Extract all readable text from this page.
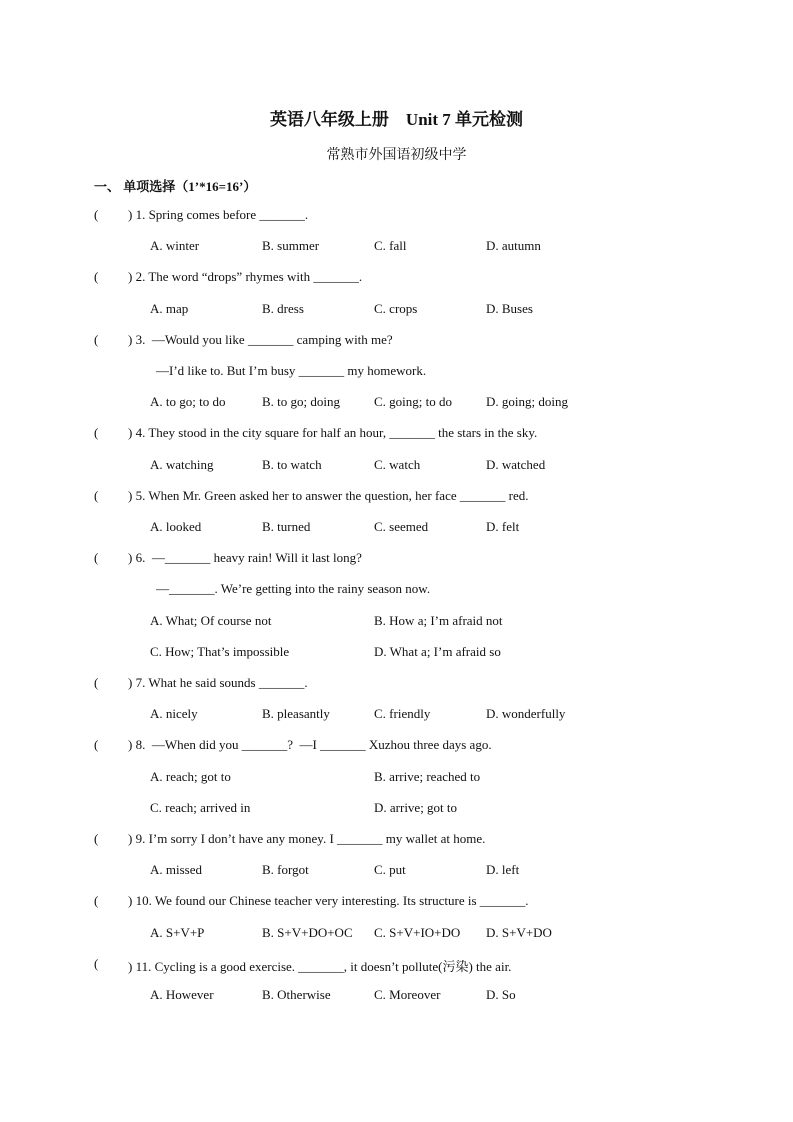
英语八年级上册    Unit 7 单元检测
常熟市外国语初级中学
一、 单项选择（1’*16=16’）

(

) 1. Spring comes before _______.

A. winter	B. summer	C. fall	D. autumn

(

) 2. The word “drops” rhymes with _______.

A. map	B. dress	C. crops	D. Buses

(

) 3.  —Would you like _______ camping with me?

—I’d like to. But I’m busy _______ my homework.
A. to go; to do	B. to go; doing	C. going; to do	D. going; doing

(

) 4. They stood in the city square for half an hour, _______ the stars in the sky.

A. watching	B. to watch	C. watch	D. watched

(

) 5. When Mr. Green asked her to answer the question, her face _______ red.

A. looked	B. turned	C. seemed	D. felt

(

) 6.  —_______ heavy rain! Will it last long?

—_______. We’re getting into the rainy season now.
A. What; Of course not	B. How a; I’m afraid not
C. How; That’s impossible	D. What a; I’m afraid so

(

) 7. What he said sounds _______.

A. nicely	B. pleasantly	C. friendly	D. wonderfully

(

) 8.  —When did you _______?  —I _______ Xuzhou three days ago.

A. reach; got to	B. arrive; reached to
C. reach; arrived in	D. arrive; got to

(

) 9. I’m sorry I don’t have any money. I _______ my wallet at home.

A. missed	B. forgot	C. put	D. left

(

) 10. We found our Chinese teacher very interesting. Its structure is _______.

A. S+V+P	B. S+V+DO+OC C. S+V+IO+DO D. S+V+DO

(

) 11. Cycling is a good exercise. _______, it doesn’t pollute(污染) the air.

A. However	B. Otherwise	C. Moreover	D. So
